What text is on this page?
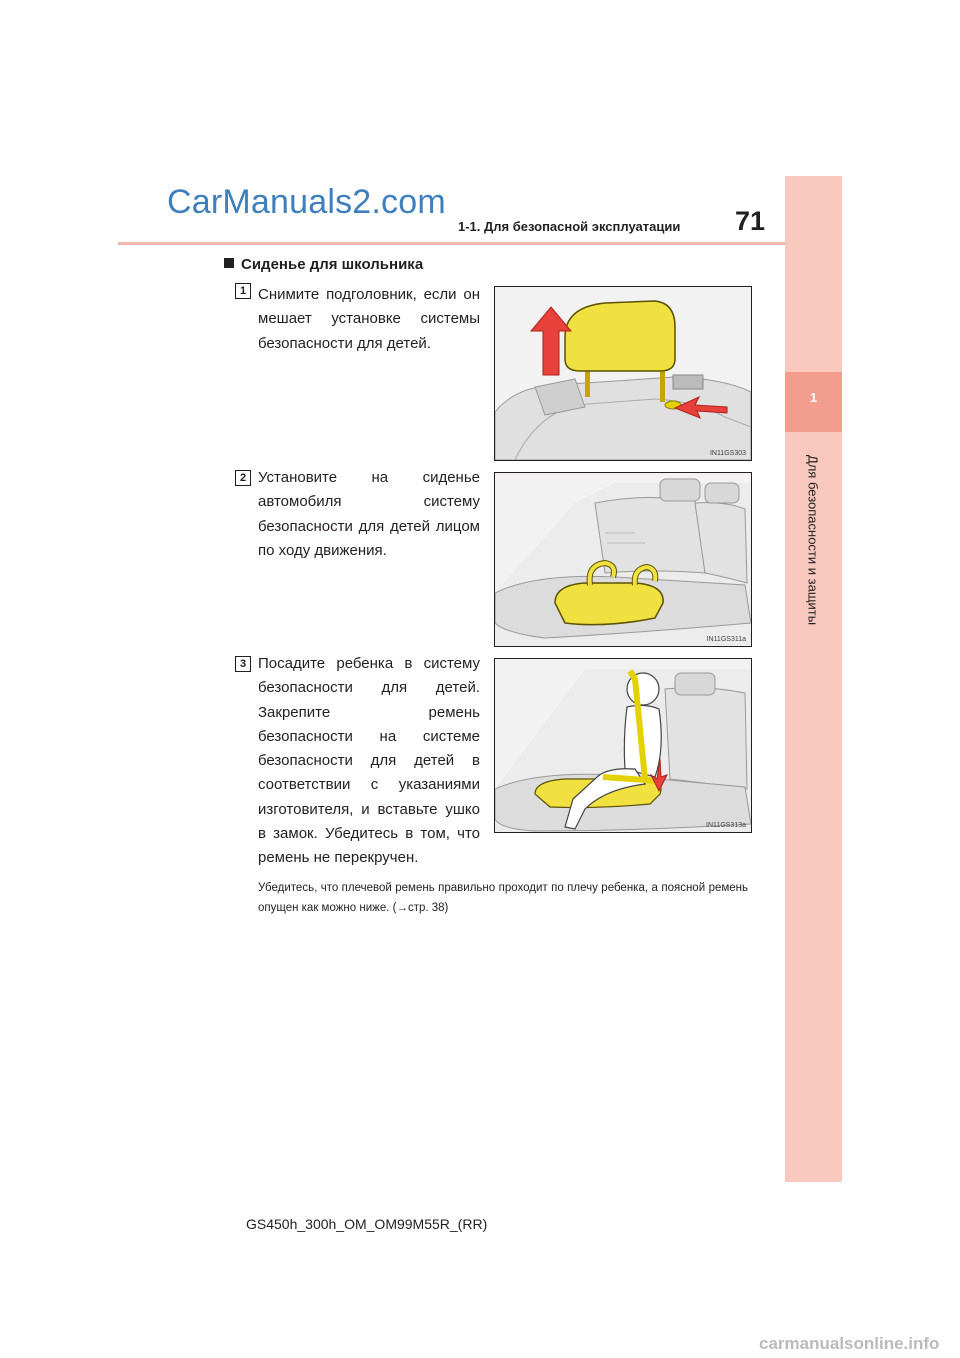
CarManuals2.com
1-1. Для безопасной эксплуатации 71
1
Для безопасности и защиты
Сиденье для школьника
1 Снимите подголовник, если он мешает установке системы безопасности для детей.
IN11GS303
2 Установите на сиденье автомобиля систему безопасности для детей лицом по ходу движения.
IN11GS311a
3 Посадите ребенка в систему безопасности для детей. Закрепите ремень безопасности на системе безопасности для детей в соответствии с указаниями изготовителя, и вставьте ушко в замок. Убедитесь в том, что ремень не перекручен.
IN11GS313a
Убедитесь, что плечевой ремень правильно проходит по плечу ребенка, а поясной ремень опущен как можно ниже. (→стр. 38)
GS450h_300h_OM_OM99M55R_(RR)
carmanualsonline.info
